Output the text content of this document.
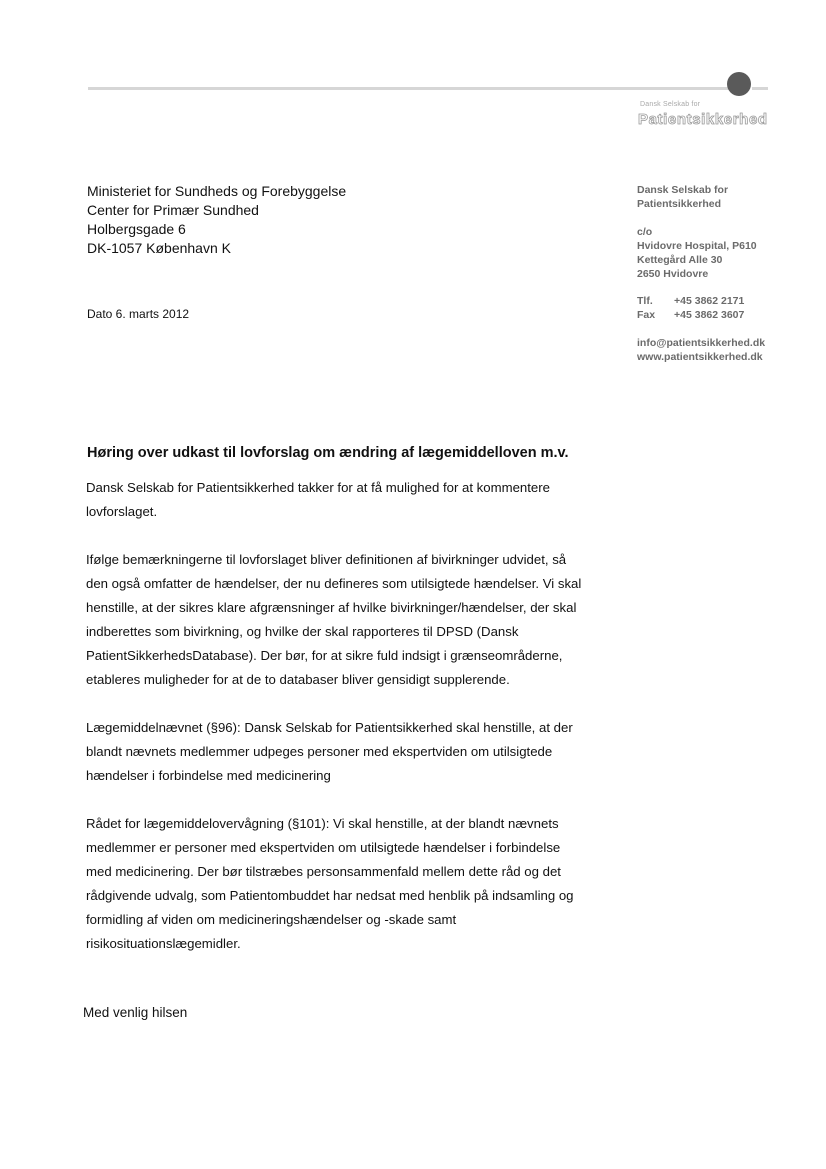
Dansk Selskab for
Patientsikkerhed
Ministeriet for Sundheds og Forebyggelse
Center for Primær Sundhed
Holbergsgade 6
DK-1057 København K
Dansk Selskab for
Patientsikkerhed
c/o
Hvidovre Hospital, P610
Kettegård Alle 30
2650 Hvidovre
Tlf. +45 3862 2171
Fax +45 3862 3607
info@patientsikkerhed.dk
www.patientsikkerhed.dk
Dato 6. marts 2012
Høring over udkast til lovforslag om ændring af lægemiddelloven m.v.
Dansk Selskab for Patientsikkerhed takker for at få mulighed for at kommentere
lovforslaget.
Ifølge bemærkningerne til lovforslaget bliver definitionen af bivirkninger udvidet, så
den også omfatter de hændelser, der nu defineres som utilsigtede hændelser. Vi skal
henstille, at der sikres klare afgrænsninger af hvilke bivirkninger/hændelser, der skal
indberettes som bivirkning, og hvilke der skal rapporteres til DPSD (Dansk
PatientSikkerhedsDatabase). Der bør, for at sikre fuld indsigt i grænseområderne,
etableres muligheder for at de to databaser bliver gensidigt supplerende.
Lægemiddelnævnet (§96): Dansk Selskab for Patientsikkerhed skal henstille, at der
blandt nævnets medlemmer udpeges personer med ekspertviden om utilsigtede
hændelser i forbindelse med medicinering
Rådet for lægemiddelovervågning (§101): Vi skal henstille, at der blandt nævnets
medlemmer er personer med ekspertviden om utilsigtede hændelser i forbindelse
med medicinering. Der bør tilstræbes personsammenfald mellem dette råd og det
rådgivende udvalg, som Patientombuddet har nedsat med henblik på indsamling og
formidling af viden om medicineringshændelser og -skade samt
risikosituationslægemidler.
Med venlig hilsen
